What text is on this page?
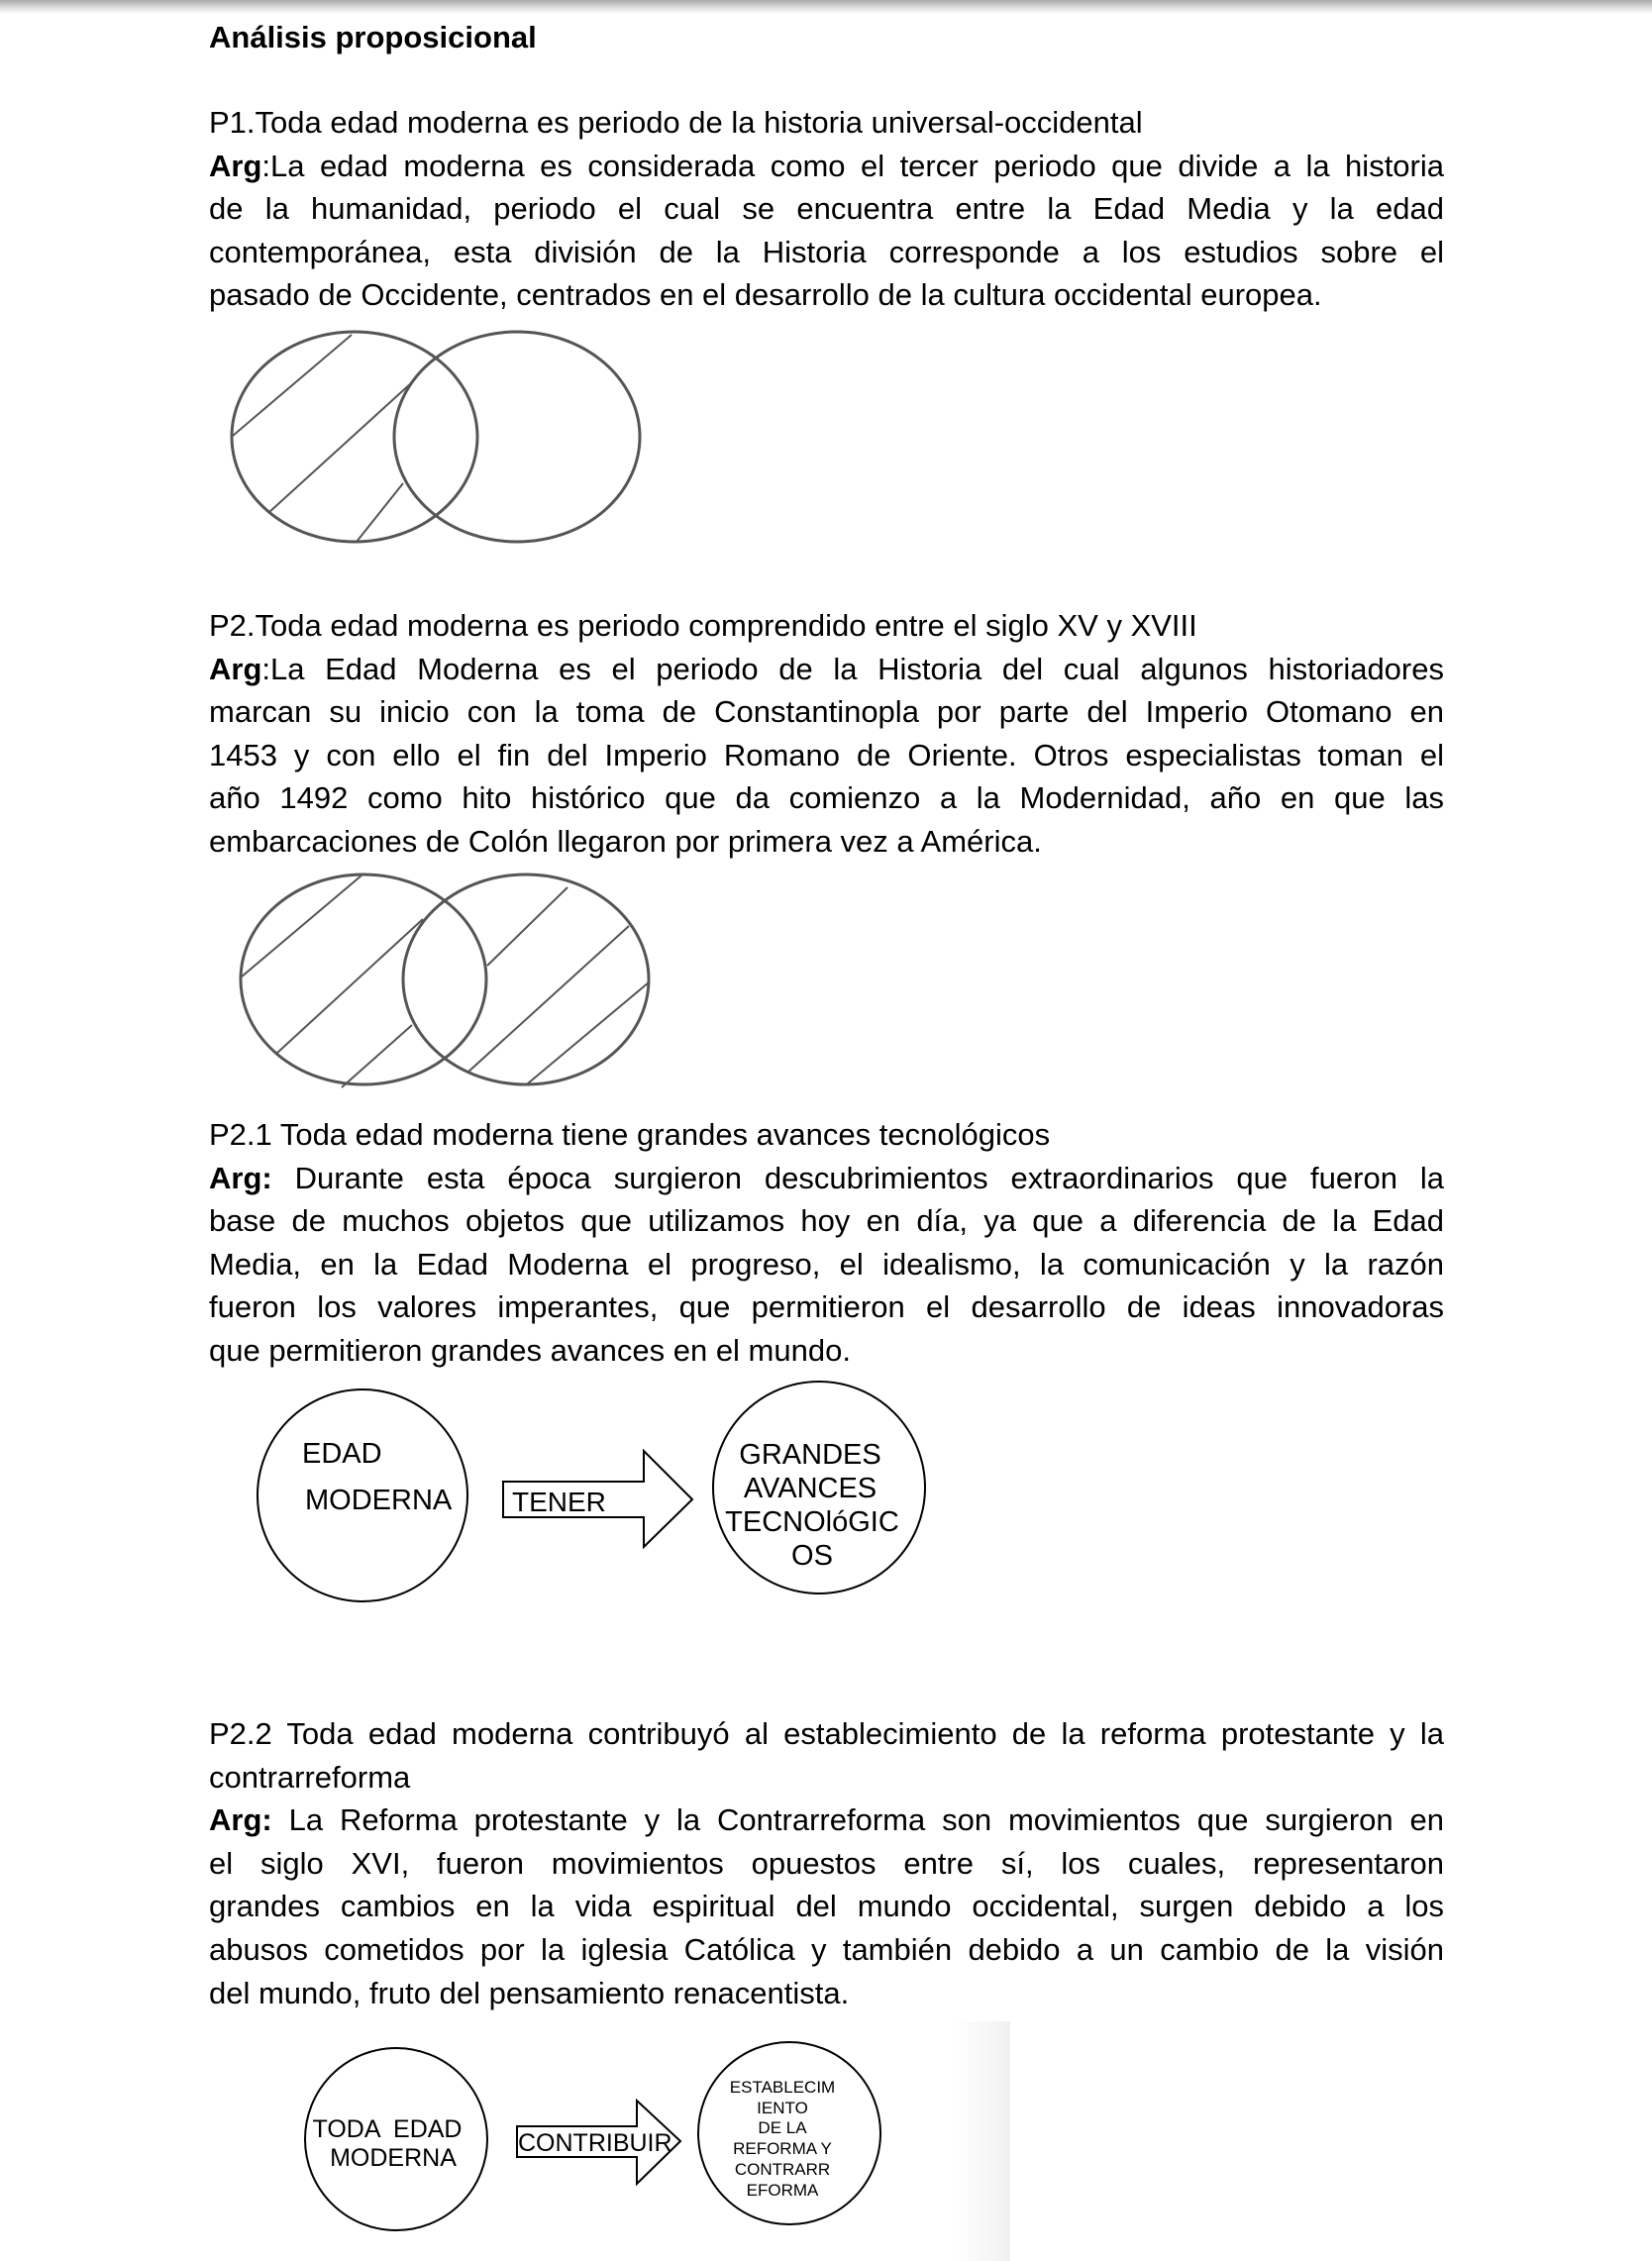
Análisis proposicional
P1.Toda edad moderna es periodo de la historia universal-occidental
Arg:La edad moderna es considerada como el tercer periodo que divide a la historia
de la humanidad, periodo el cual se encuentra entre la Edad Media y la edad
contemporánea, esta división de la Historia corresponde a los estudios sobre el
pasado de Occidente, centrados en el desarrollo de la cultura occidental europea.
P2.Toda edad moderna es periodo comprendido entre el siglo XV y XVIII
Arg:La Edad Moderna es el periodo de la Historia del cual algunos historiadores
marcan su inicio con la toma de Constantinopla por parte del Imperio Otomano en
1453 y con ello el fin del Imperio Romano de Oriente. Otros especialistas toman el
año 1492 como hito histórico que da comienzo a la Modernidad, año en que las
embarcaciones de Colón llegaron por primera vez a América.
P2.1 Toda edad moderna tiene grandes avances tecnológicos
Arg: Durante esta época surgieron descubrimientos extraordinarios que fueron la
base de muchos objetos que utilizamos hoy en día, ya que a diferencia de la Edad
Media, en la Edad Moderna el progreso, el idealismo, la comunicación y la razón
fueron los valores imperantes, que permitieron el desarrollo de ideas innovadoras
que permitieron grandes avances en el mundo.
EDAD
MODERNA TENER
GRANDES
AVANCES
TECNOlóGIC
OS
P2.2 Toda edad moderna contribuyó al establecimiento de la reforma protestante y la
contrarreforma
Arg: La Reforma protestante y la Contrarreforma son movimientos que surgieron en
el siglo XVI, fueron movimientos opuestos entre sí, los cuales, representaron
grandes cambios en la vida espiritual del mundo occidental, surgen debido a los
abusos cometidos por la iglesia Católica y también debido a un cambio de la visión
del mundo, fruto del pensamiento renacentista.
TODA  EDAD
MODERNA
CONTRIBUIR
ESTABLECIM
IENTO
DE LA
REFORMA Y
CONTRARR
EFORMA
